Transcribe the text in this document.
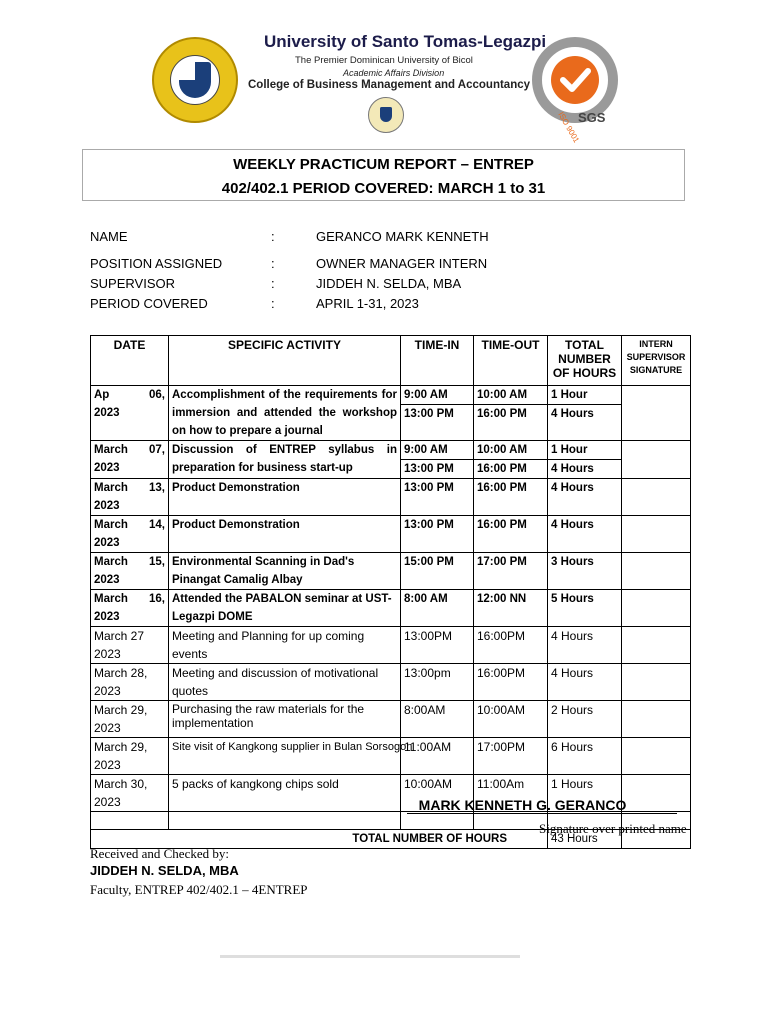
University of Santo Tomas-Legazpi
The Premier Dominican University of Bicol
Academic Affairs Division
College of Business Management and Accountancy
ISO 9001
SGS
WEEKLY PRACTICUM REPORT – ENTREP
402/402.1 PERIOD COVERED: MARCH 1 to 31
NAME	:	GERANCO MARK KENNETH
POSITION ASSIGNED	:	OWNER MANAGER INTERN
SUPERVISOR	:	JIDDEH N. SELDA, MBA
PERIOD COVERED	:	APRIL 1-31, 2023
DATE	SPECIFIC ACTIVITY	TIME-IN	TIME-OUT	TOTAL NUMBER OF HOURS	INTERN SUPERVISOR SIGNATURE

Ap 06,
2023	Accomplishment of the requirements for immersion and attended the workshop on how to prepare a journal	9:00 AM	10:00 AM	1 Hour	
		13:00 PM	16:00 PM	4 Hours	

March 07,
2023	Discussion of ENTREP syllabus in preparation for business start-up	9:00 AM	10:00 AM	1 Hour	
		13:00 PM	16:00 PM	4 Hours	

March 13,
2023	Product Demonstration	13:00 PM	16:00 PM	4 Hours	

March 14,
2023	Product Demonstration	13:00 PM	16:00 PM	4 Hours	

March 15,
2023	Environmental Scanning in Dad's Pinangat Camalig Albay	15:00 PM	17:00 PM	3 Hours	

March 16,
2023	Attended the PABALON seminar at UST-Legazpi DOME	8:00 AM	12:00 NN	5 Hours	
March 27 2023	Meeting and Planning for up coming events	13:00PM	16:00PM	4 Hours	
March 28, 2023	Meeting and discussion of motivational quotes	13:00pm	16:00PM	4 Hours	
March 29, 2023	Purchasing the raw materials for the implementation	8:00AM	10:00AM	2 Hours	
March 29, 2023	Site visit of Kangkong supplier in Bulan Sorsogon	11:00AM	17:00PM	6 Hours	
March 30, 2023	5 packs of kangkong chips sold	10:00AM	11:00Am	1 Hours	

TOTAL NUMBER OF HOURS				43 Hours	
MARK KENNETH G. GERANCO
Signature over printed name
Received and Checked by:
JIDDEH N. SELDA, MBA
Faculty, ENTREP 402/402.1 – 4ENTREP
